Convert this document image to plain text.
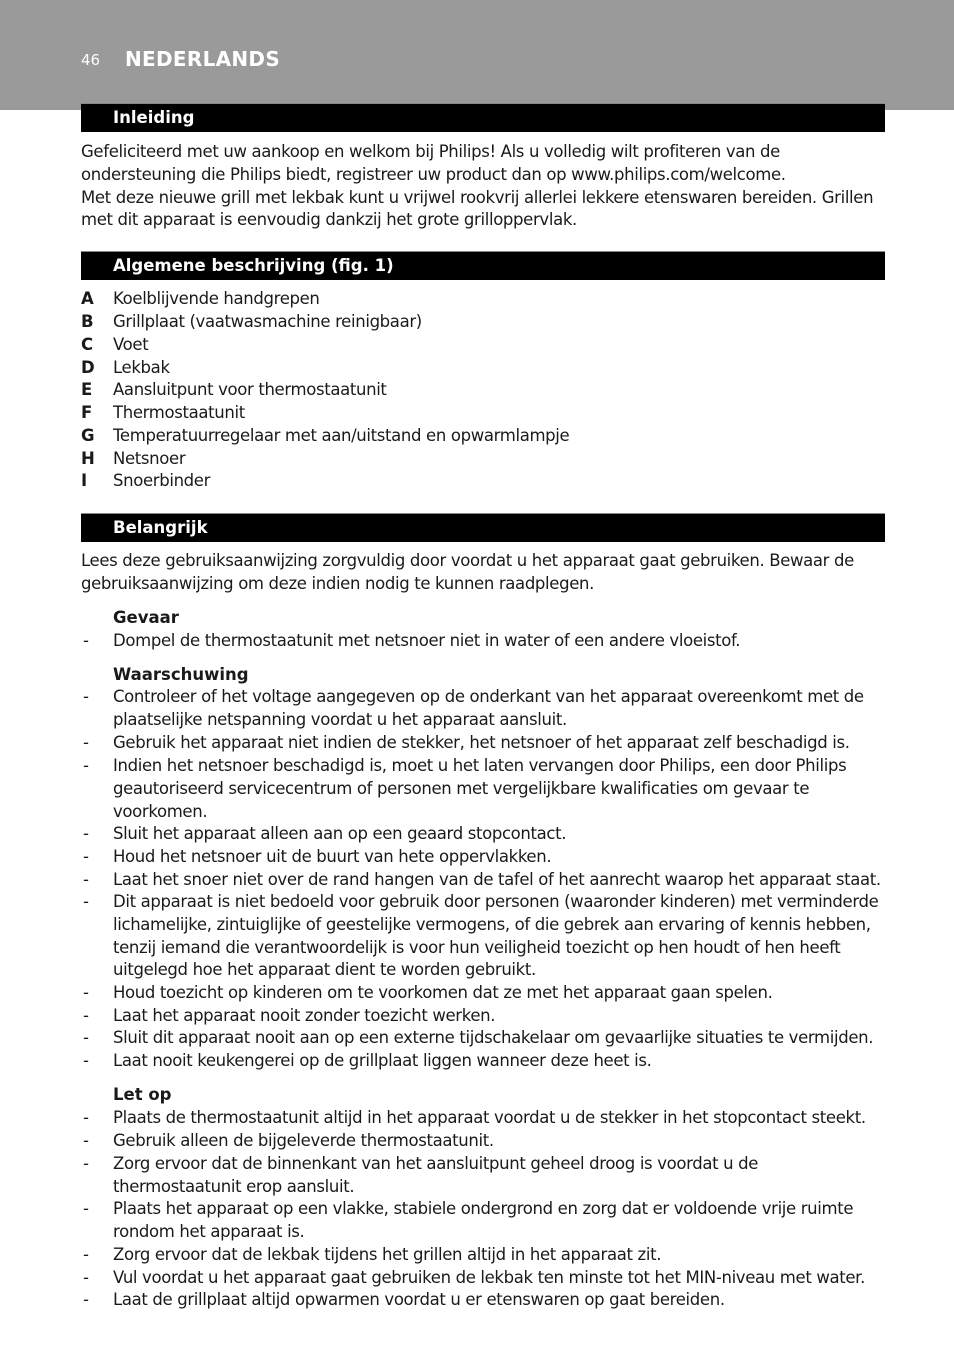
46 NEDERLANDS
Inleiding

Gefeliciteerd met uw aankoop en welkom bij Philips! Als u volledig wilt profiteren van de ondersteuning die Philips biedt, registreer uw product dan op www.philips.com/welcome.
Met deze nieuwe grill met lekbak kunt u vrijwel rookvrij allerlei lekkere etenswaren bereiden. Grillen met dit apparaat is eenvoudig dankzij het grote grilloppervlak.

Algemene beschrijving (fig. 1)
A Koelblijvende handgrepen
B Grillplaat (vaatwasmachine reinigbaar)
C Voet
D Lekbak
E Aansluitpunt voor thermostaatunit
F Thermostaatunit
G Temperatuurregelaar met aan/uitstand en opwarmlampje
H Netsnoer
I Snoerbinder
Belangrijk

Lees deze gebruiksaanwijzing zorgvuldig door voordat u het apparaat gaat gebruiken. Bewaar de gebruiksaanwijzing om deze indien nodig te kunnen raadplegen.

Gevaar
- Dompel de thermostaatunit met netsnoer niet in water of een andere vloeistof.
Waarschuwing
- Controleer of het voltage aangegeven op de onderkant van het apparaat overeenkomt met de plaatselijke netspanning voordat u het apparaat aansluit.
- Gebruik het apparaat niet indien de stekker, het netsnoer of het apparaat zelf beschadigd is.
- Indien het netsnoer beschadigd is, moet u het laten vervangen door Philips, een door Philips geautoriseerd servicecentrum of personen met vergelijkbare kwalificaties om gevaar te voorkomen.
- Sluit het apparaat alleen aan op een geaard stopcontact.
- Houd het netsnoer uit de buurt van hete oppervlakken.
- Laat het snoer niet over de rand hangen van de tafel of het aanrecht waarop het apparaat staat.
- Dit apparaat is niet bedoeld voor gebruik door personen (waaronder kinderen) met verminderde lichamelijke, zintuiglijke of geestelijke vermogens, of die gebrek aan ervaring of kennis hebben, tenzij iemand die verantwoordelijk is voor hun veiligheid toezicht op hen houdt of hen heeft uitgelegd hoe het apparaat dient te worden gebruikt.
- Houd toezicht op kinderen om te voorkomen dat ze met het apparaat gaan spelen.
- Laat het apparaat nooit zonder toezicht werken.
- Sluit dit apparaat nooit aan op een externe tijdschakelaar om gevaarlijke situaties te vermijden.
- Laat nooit keukengerei op de grillplaat liggen wanneer deze heet is.
Let op
- Plaats de thermostaatunit altijd in het apparaat voordat u de stekker in het stopcontact steekt.
- Gebruik alleen de bijgeleverde thermostaatunit.
- Zorg ervoor dat de binnenkant van het aansluitpunt geheel droog is voordat u de thermostaatunit erop aansluit.
- Plaats het apparaat op een vlakke, stabiele ondergrond en zorg dat er voldoende vrije ruimte rondom het apparaat is.
- Zorg ervoor dat de lekbak tijdens het grillen altijd in het apparaat zit.
- Vul voordat u het apparaat gaat gebruiken de lekbak ten minste tot het MIN-niveau met water.
- Laat de grillplaat altijd opwarmen voordat u er etenswaren op gaat bereiden.
